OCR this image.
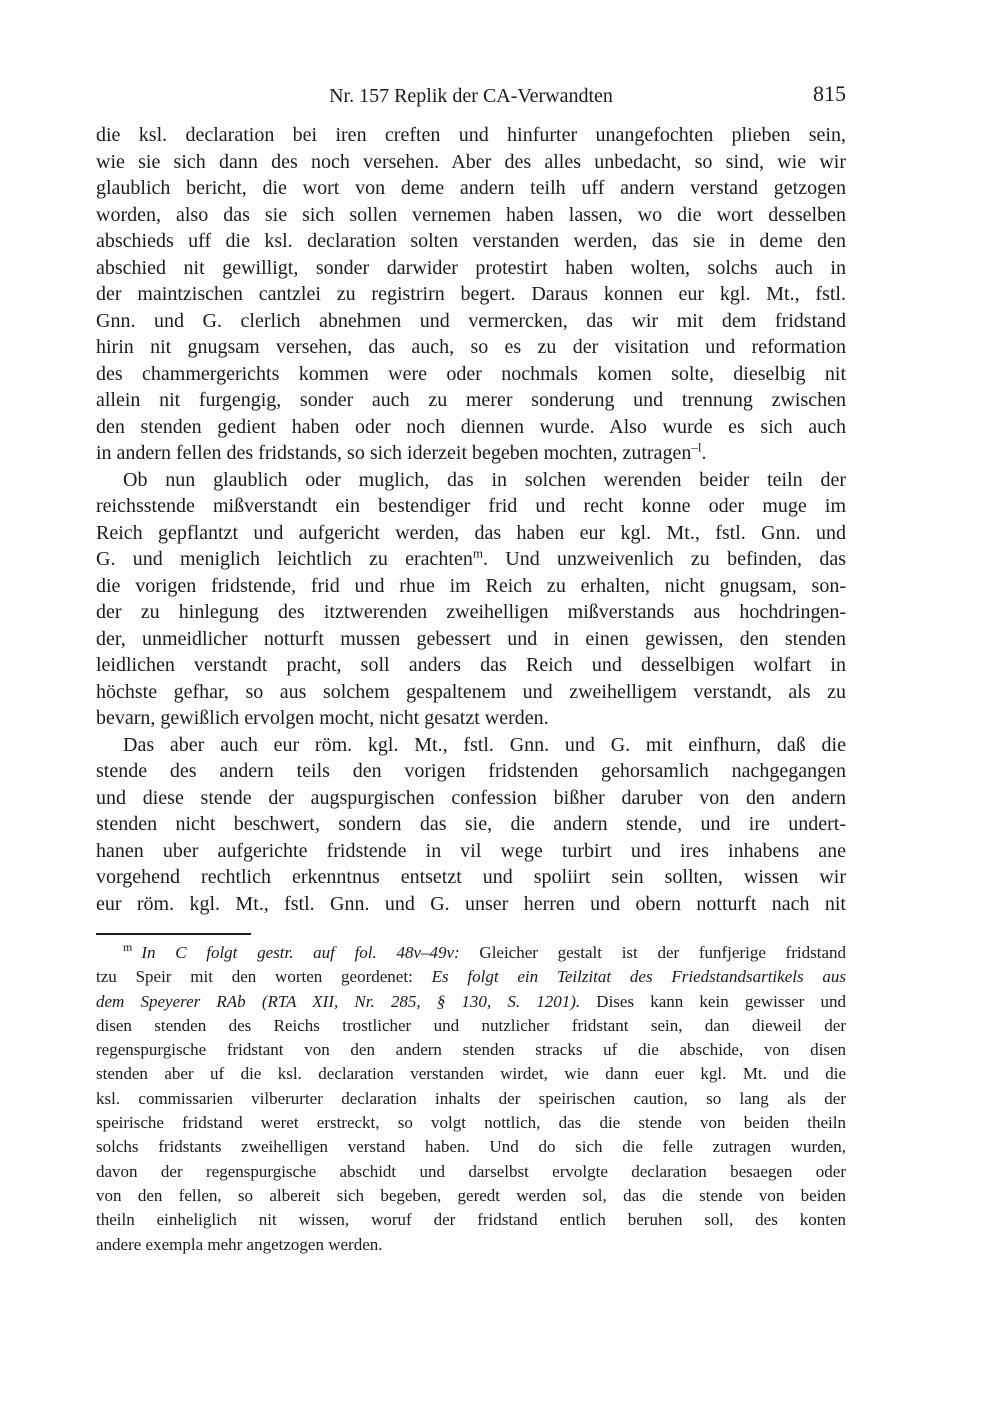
Nr. 157 Replik der CA-Verwandten	815
die ksl. declaration bei iren creften und hinfurter unangefochten plieben sein,
wie sie sich dann des noch versehen. Aber des alles unbedacht, so sind, wie wir
glaublich bericht, die wort von deme andern teilh uff andern verstand getzogen
worden, also das sie sich sollen vernemen haben lassen, wo die wort desselben
abschieds uff die ksl. declaration solten verstanden werden, das sie in deme den
abschied nit gewilligt, sonder darwider protestirt haben wolten, solchs auch in
der maintzischen cantzlei zu registrirn begert. Daraus konnen eur kgl. Mt., fstl.
Gnn. und G. clerlich abnehmen und vermercken, das wir mit dem fridstand
hirin nit gnugsam versehen, das auch, so es zu der visitation und reformation
des chammergerichts kommen were oder nochmals komen solte, dieselbig nit
allein nit furgengig, sonder auch zu merer sonderung und trennung zwischen
den stenden gedient haben oder noch diennen wurde. Also wurde es sich auch
in andern fellen des fridstands, so sich iderzeit begeben mochten, zutragen$^{-l}$.
Ob nun glaublich oder muglich, das in solchen werenden beider teiln der
reichsstende mißverstandt ein bestendiger frid und recht konne oder muge im
Reich gepflantzt und aufgericht werden, das haben eur kgl. Mt., fstl. Gnn. und
G. und meniglich leichtlich zu erachten$^m$. Und unzweivenlich zu befinden, das
die vorigen fridstende, frid und rhue im Reich zu erhalten, nicht gnugsam, son-
der zu hinlegung des itztwerenden zweihelligen mißverstands aus hochdringen-
der, unmeidlicher notturft mussen gebessert und in einen gewissen, den stenden
leidlichen verstandt pracht, soll anders das Reich und desselbigen wolfart in
höchste gefhar, so aus solchem gespaltenem und zweihelligem verstandt, als zu
bevarn, gewißlich ervolgen mocht, nicht gesatzt werden.
Das aber auch eur röm. kgl. Mt., fstl. Gnn. und G. mit einfhurn, daß die
stende des andern teils den vorigen fridstenden gehorsamlich nachgegangen
und diese stende der augspurgischen confession bißher daruber von den andern
stenden nicht beschwert, sondern das sie, die andern stende, und ire undert-
hanen uber aufgerichte fridstende in vil wege turbirt und ires inhabens ane
vorgehend rechtlich erkenntnus entsetzt und spoliirt sein sollten, wissen wir
eur röm. kgl. Mt., fstl. Gnn. und G. unser herren und obern notturft nach nit
$^m$ In C folgt gestr. auf fol. 48v–49v: Gleicher gestalt ist der funfjerige fridstand
tzu Speir mit den worten geordenet: Es folgt ein Teilzitat des Friedstandsartikels aus
dem Speyerer RAb (RTA XII, Nr. 285, § 130, S. 1201). Dises kann kein gewisser und
disen stenden des Reichs trostlicher und nutzlicher fridstant sein, dan dieweil der
regenspurgische fridstant von den andern stenden stracks uf die abschide, von disen
stenden aber uf die ksl. declaration verstanden wirdet, wie dann euer kgl. Mt. und die
ksl. commissarien vilberurter declaration inhalts der speirischen caution, so lang als der
speirische fridstand weret erstreckt, so volgt nottlich, das die stende von beiden theiln
solchs fridstants zweihelligen verstand haben. Und do sich die felle zutragen wurden,
davon der regenspurgische abschidt und darselbst ervolgte declaration besaegen oder
von den fellen, so albereit sich begeben, geredt werden sol, das die stende von beiden
theiln einheliglich nit wissen, woruf der fridstand entlich beruhen soll, des konten
andere exempla mehr angetzogen werden.
